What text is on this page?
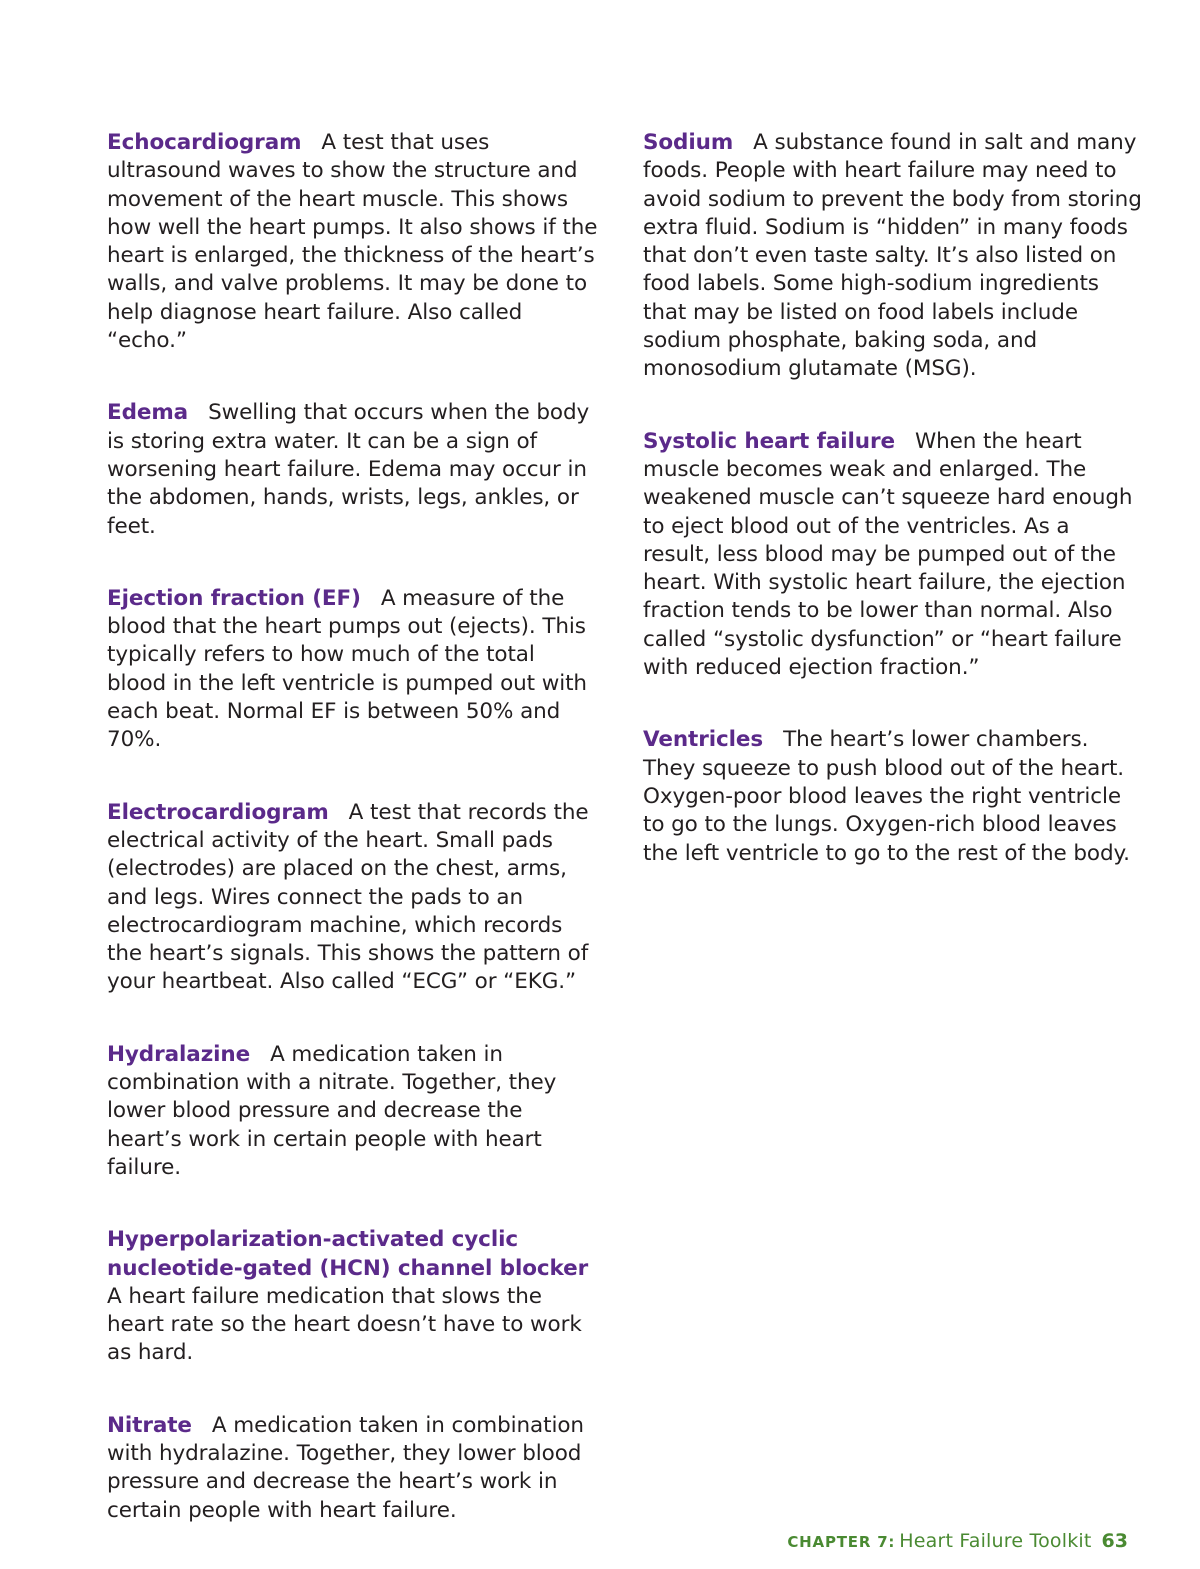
Echocardiogram A test that uses ultrasound waves to show the structure and movement of the heart muscle. This shows how well the heart pumps. It also shows if the heart is enlarged, the thickness of the heart’s walls, and valve problems. It may be done to help diagnose heart failure. Also called “echo.”

Edema Swelling that occurs when the body is storing extra water. It can be a sign of worsening heart failure. Edema may occur in the abdomen, hands, wrists, legs, ankles, or feet.

Ejection fraction (EF) A measure of the blood that the heart pumps out (ejects). This typically refers to how much of the total blood in the left ventricle is pumped out with each beat. Normal EF is between 50% and 70%.

Electrocardiogram A test that records the electrical activity of the heart. Small pads (electrodes) are placed on the chest, arms, and legs. Wires connect the pads to an electrocardiogram machine, which records the heart’s signals. This shows the pattern of your heartbeat. Also called “ECG” or “EKG.”

Hydralazine A medication taken in combination with a nitrate. Together, they lower blood pressure and decrease the heart’s work in certain people with heart failure.

Hyperpolarization-activated cyclic nucleotide-gated (HCN) channel blocker
A heart failure medication that slows the heart rate so the heart doesn’t have to work as hard.

Nitrate A medication taken in combination with hydralazine. Together, they lower blood pressure and decrease the heart’s work in certain people with heart failure.

Sodium A substance found in salt and many foods. People with heart failure may need to avoid sodium to prevent the body from storing extra fluid. Sodium is “hidden” in many foods that don’t even taste salty. It’s also listed on food labels. Some high-sodium ingredients that may be listed on food labels include sodium phosphate, baking soda, and monosodium glutamate (MSG).

Systolic heart failure When the heart muscle becomes weak and enlarged. The weakened muscle can’t squeeze hard enough to eject blood out of the ventricles. As a result, less blood may be pumped out of the heart. With systolic heart failure, the ejection fraction tends to be lower than normal. Also called “systolic dysfunction” or “heart failure with reduced ejection fraction.”

Ventricles The heart’s lower chambers. They squeeze to push blood out of the heart. Oxygen-poor blood leaves the right ventricle to go to the lungs. Oxygen-rich blood leaves the left ventricle to go to the rest of the body.

CHAPTER 7: Heart Failure Toolkit 63
